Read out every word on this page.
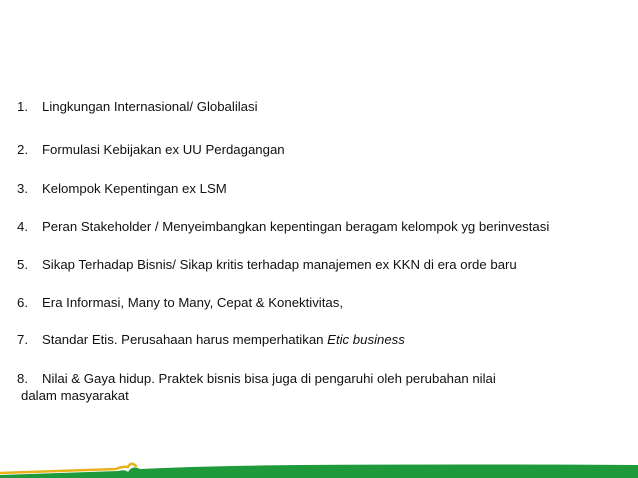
1. Lingkungan Internasional/ Globalilasi
2. Formulasi Kebijakan ex UU Perdagangan
3. Kelompok Kepentingan ex LSM
4. Peran Stakeholder / Menyeimbangkan kepentingan beragam kelompok yg berinvestasi
5. Sikap Terhadap Bisnis/ Sikap kritis terhadap manajemen ex KKN di era orde baru
6. Era Informasi, Many to Many, Cepat & Konektivitas,
7. Standar Etis. Perusahaan harus memperhatikan Etic business
8. Nilai & Gaya hidup. Praktek bisnis bisa juga di pengaruhi oleh perubahan nilai
dalam masyarakat
